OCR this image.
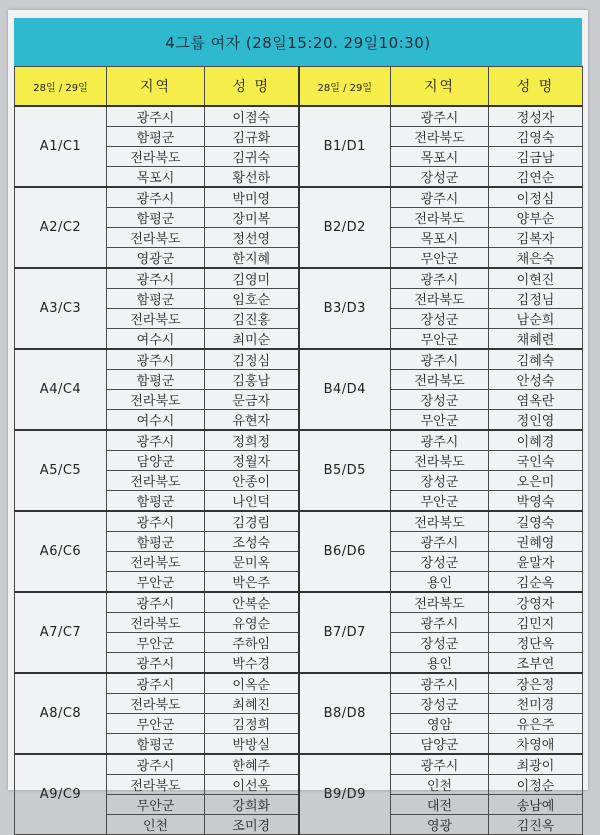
4그룹 여자 (28일15:20. 29일10:30)
28일 / 29일	지역	성 명	28일 / 29일	지역	성 명
A1/C1	광주시	이점숙	B1/D1	광주시	정성자
	함평군	김규화		전라북도	김영숙
	전라북도	김귀숙		목포시	김금남
	목포시	황선하		장성군	김연순
A2/C2	광주시	박미영	B2/D2	광주시	이정심
	함평군	장미복		전라북도	양부순
	전라북도	정선영		목포시	김복자
	영광군	한지혜		무안군	채은숙
A3/C3	광주시	김영미	B3/D3	광주시	이현진
	함평군	임호순		전라북도	김정님
	전라북도	김진홍		장성군	남순희
	여수시	최미순		무안군	채혜련
A4/C4	광주시	김정심	B4/D4	광주시	김혜숙
	함평군	김홍남		전라북도	안성숙
	전라북도	문금자		장성군	염옥란
	여수시	유현자		무안군	정인영
A5/C5	광주시	정희정	B5/D5	광주시	이혜경
	담양군	정월자		전라북도	국인숙
	전라북도	안종이		장성군	오은미
	함평군	나인덕		무안군	박영숙
A6/C6	광주시	김경림	B6/D6	전라북도	길영숙
	함평군	조성숙		광주시	권혜영
	전라북도	문미옥		장성군	윤말자
	무안군	박은주		용인	김순옥
A7/C7	광주시	안복순	B7/D7	전라북도	강영자
	전라북도	유영순		광주시	김민지
	무안군	주하임		장성군	정단옥
	광주시	박수경		용인	조부연
A8/C8	광주시	이옥순	B8/D8	광주시	장은정
	전라북도	최혜진		장성군	천미경
	무안군	김정희		영암	유은주
	함평군	박방실		담양군	차영애
A9/C9	광주시	한혜주	B9/D9	광주시	최광이
	전라북도	이선옥		인천	이정순
	무안군	강희화		대전	송남예
	인천	조미경		영광	김진옥
